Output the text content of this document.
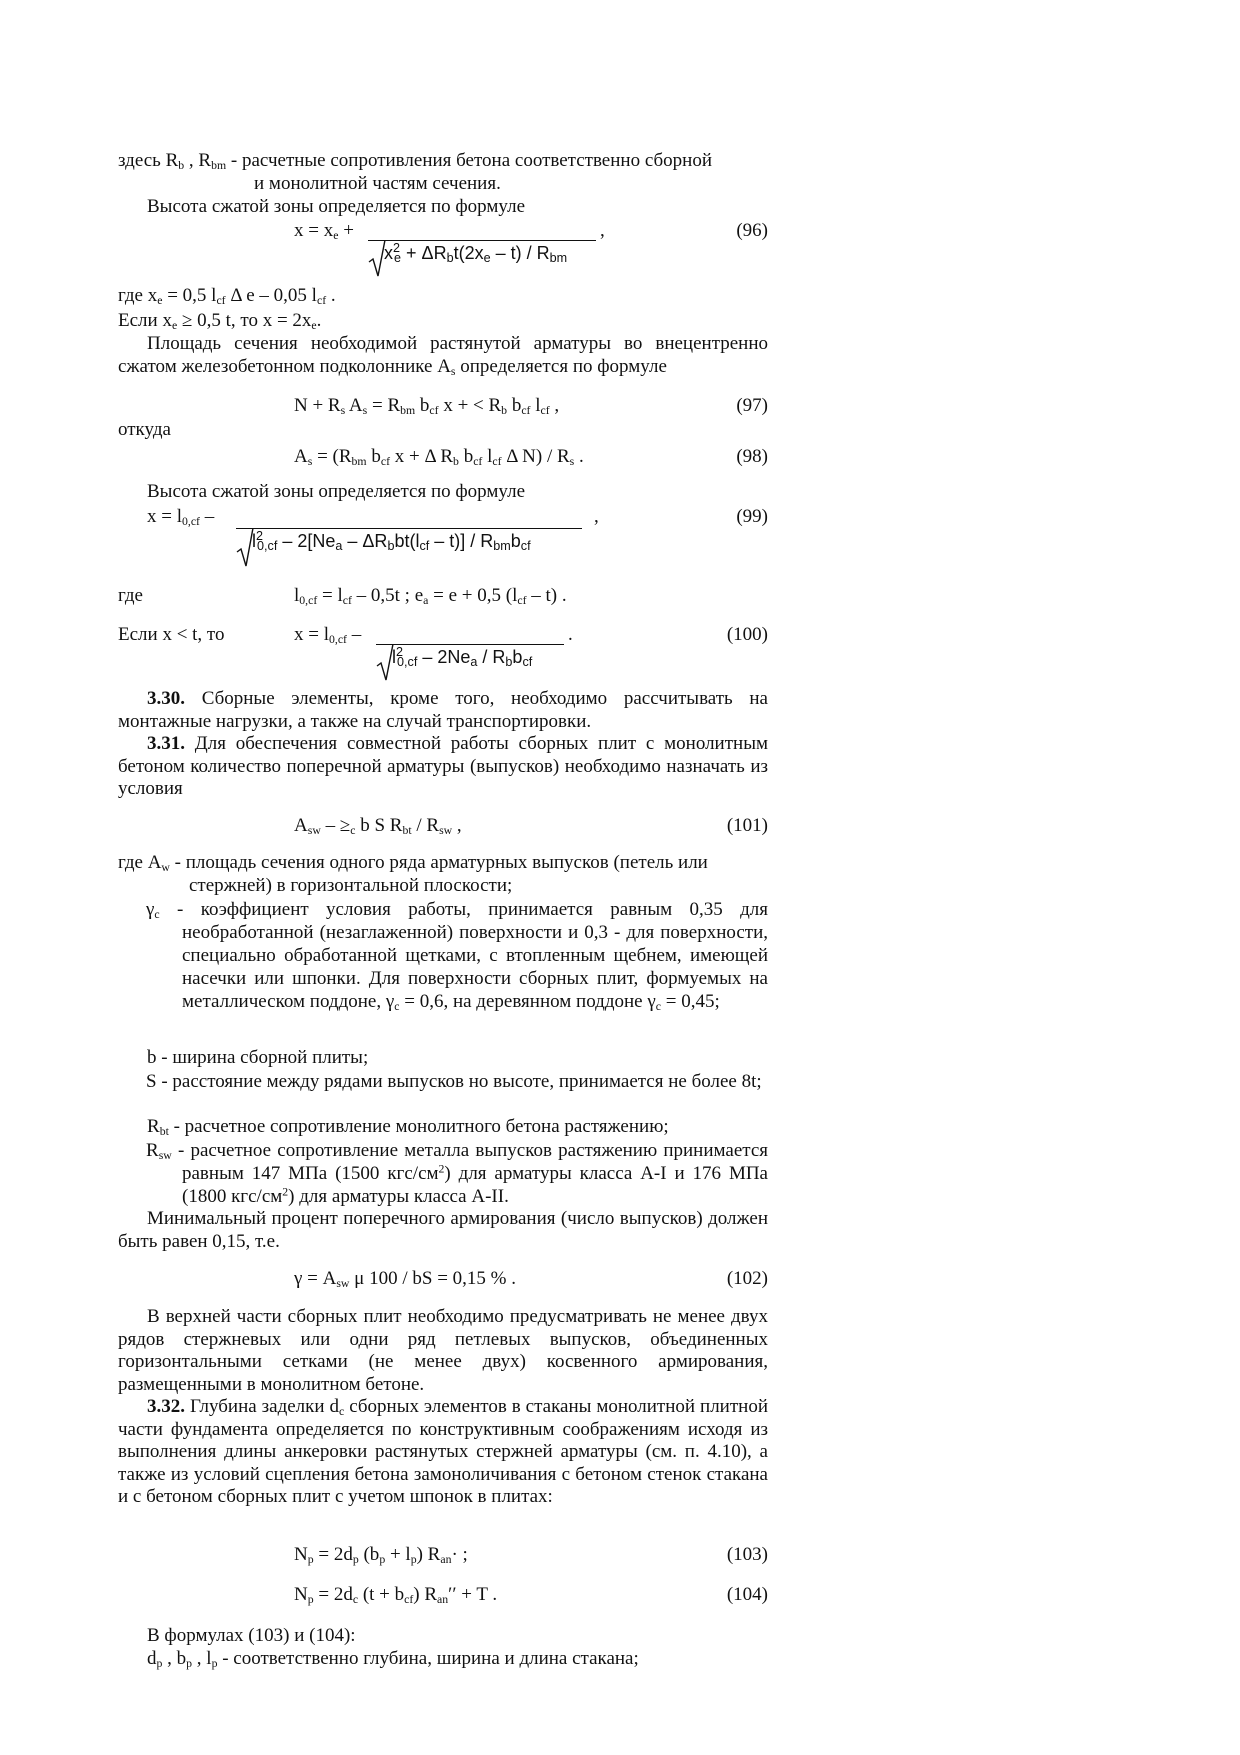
здесь $R_b$ , $R_{bm}$ - расчетные сопротивления бетона соответственно сборной
и монолитной частям сечения.
Высота сжатой зоны определяется по формуле
$x = x_e$ +	,	(96)
$x^2_e + \Delta R_bt(2x_e - t) / R_{bm}$
где $x_e = 0,5$ $l_{cf}$ Δ e – 0,05 $l_{cf}$ .
Если $x_e \ge 0,5$ t, то $x = 2x_e$.
Площадь сечения необходимой растянутой арматуры во внецентренно сжатом железобетонном подколоннике $A_s$ определяется по формуле
$N + R_s$ $A_s = R_{bm}$ $b_{cf}$ x + < $R_b$ $b_{cf}$ $l_{cf}$ ,	(97)
откуда
$A_s = (R_{bm}$ $b_{cf}$ x + Δ $R_b$ $b_{cf}$ $l_{cf}$ Δ $N) / R_s$ .	(98)
Высота сжатой зоны определяется по формуле
$x = l_{0,cf}$ –	,	(99)
$l^2_{0,cf} - 2[Ne_a - \Delta R_bbt(l_{cf} - t)] / R_{bm}b_{cf}$
где	$l_{0,cf} = l_{cf} - 0,5t$ ; $e_a = e + 0,5$ $(l_{cf} - t)$ .
Если x < t, то	$x = l_{0,cf}$ –	.	(100)
$l^2_{0,cf} - 2Ne_a / R_bb_{cf}$
3.30. Сборные элементы, кроме того, необходимо рассчитывать на монтажные нагрузки, а также на случай транспортировки.
3.31. Для обеспечения совместной работы сборных плит с монолитным бетоном количество поперечной арматуры (выпусков) необходимо назначать из условия
$A_{sw} - \ge_c$ b S $R_{bt} / R_{sw}$ ,	(101)
где $A_w$ - площадь сечения одного ряда арматурных выпусков (петель или
стержней) в горизонтальной плоскости;
$\gamma_c$ - коэффициент условия работы, принимается равным 0,35 для необработанной (незаглаженной) поверхности и 0,3 - для поверхности, специально обработанной щетками, с втопленным щебнем, имеющей насечки или шпонки. Для поверхности сборных плит, формуемых на металлическом поддоне, $\gamma_c = 0,6$, на деревянном поддоне $\gamma_c = 0,45$;
b - ширина сборной плиты;
S - расстояние между рядами выпусков но высоте, принимается не более 8t;
$R_{bt}$ - расчетное сопротивление монолитного бетона растяжению;
$R_{sw}$ - расчетное сопротивление металла выпусков растяжению принимается равным 147 МПа (1500 кгс/$см^2$) для арматуры класса A-I и 176 МПа (1800 кгс/$см^2$) для арматуры класса A-II.
Минимальный процент поперечного армирования (число выпусков) должен быть равен 0,15, т.е.
$\gamma = A_{sw}$ μ 100 / bS = 0,15 % .	(102)
В верхней части сборных плит необходимо предусматривать не менее двух рядов стержневых или одни ряд петлевых выпусков, объединенных горизонтальными сетками (не менее двух) косвенного армирования, размещенными в монолитном бетоне.
3.32. Глубина заделки $d_c$ сборных элементов в стаканы монолитной плитной части фундамента определяется по конструктивным соображениям исходя из выполнения длины анкеровки растянутых стержней арматуры (см. п. 4.10), а также из условий сцепления бетона замоноличивания с бетоном стенок стакана и с бетоном сборных плит с учетом шпонок в плитах:
$N_p = 2d_p$ $(b_p + l_p)$ $R_{an}\cdot$ ;	(103)
$N_p = 2d_c$ $(t + b_{cf})$ $R_{an}'' + T$ .	(104)
В формулах (103) и (104):
$d_p$ , $b_p$ , $l_p$ - соответственно глубина, ширина и длина стакана;
